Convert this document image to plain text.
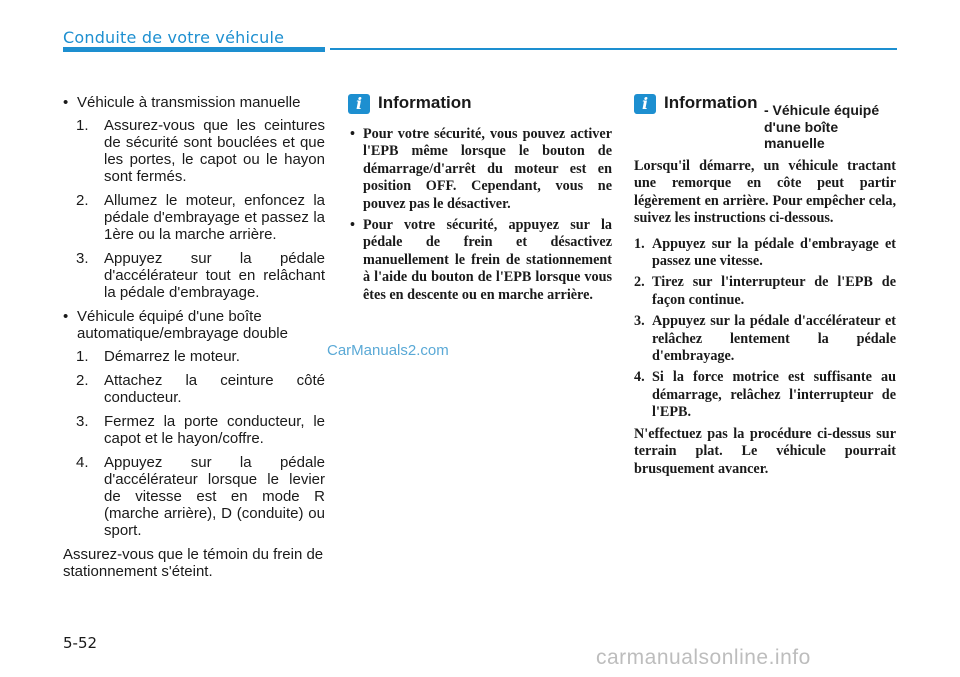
Conduite de votre véhicule
• Véhicule à transmission manuelle
1. Assurez-vous que les ceintures de sécurité sont bouclées et que les portes, le capot ou le hayon sont fermés.
2. Allumez le moteur, enfoncez la pédale d'embrayage et passez la 1ère ou la marche arrière.
3. Appuyez sur la pédale d'accélérateur tout en relâchant la pédale d'embrayage.
• Véhicule équipé d'une boîte automatique/embrayage double
1. Démarrez le moteur.
2. Attachez la ceinture côté conducteur.
3. Fermez la porte conducteur, le capot et le hayon/coffre.
4. Appuyez sur la pédale d'accélérateur lorsque le levier de vitesse est en mode R (marche arrière), D (conduite) ou sport.
Assurez-vous que le témoin du frein de stationnement s'éteint.
i Information
• Pour votre sécurité, vous pouvez activer l'EPB même lorsque le bouton de démarrage/d'arrêt du moteur est en position OFF. Cependant, vous ne pouvez pas le désactiver.
• Pour votre sécurité, appuyez sur la pédale de frein et désactivez manuellement le frein de stationnement à l'aide du bouton de l'EPB lorsque vous êtes en descente ou en marche arrière.
i Information - Véhicule équipé d'une boîte manuelle
Lorsqu'il démarre, un véhicule tractant une remorque en côte peut partir légèrement en arrière. Pour empêcher cela, suivez les instructions ci-dessous.
1. Appuyez sur la pédale d'embrayage et passez une vitesse.
2. Tirez sur l'interrupteur de l'EPB de façon continue.
3. Appuyez sur la pédale d'accélérateur et relâchez lentement la pédale d'embrayage.
4. Si la force motrice est suffisante au démarrage, relâchez l'interrupteur de l'EPB.
N'effectuez pas la procédure ci-dessus sur terrain plat. Le véhicule pourrait brusquement avancer.
CarManuals2.com
5-52
carmanualsonline.info
